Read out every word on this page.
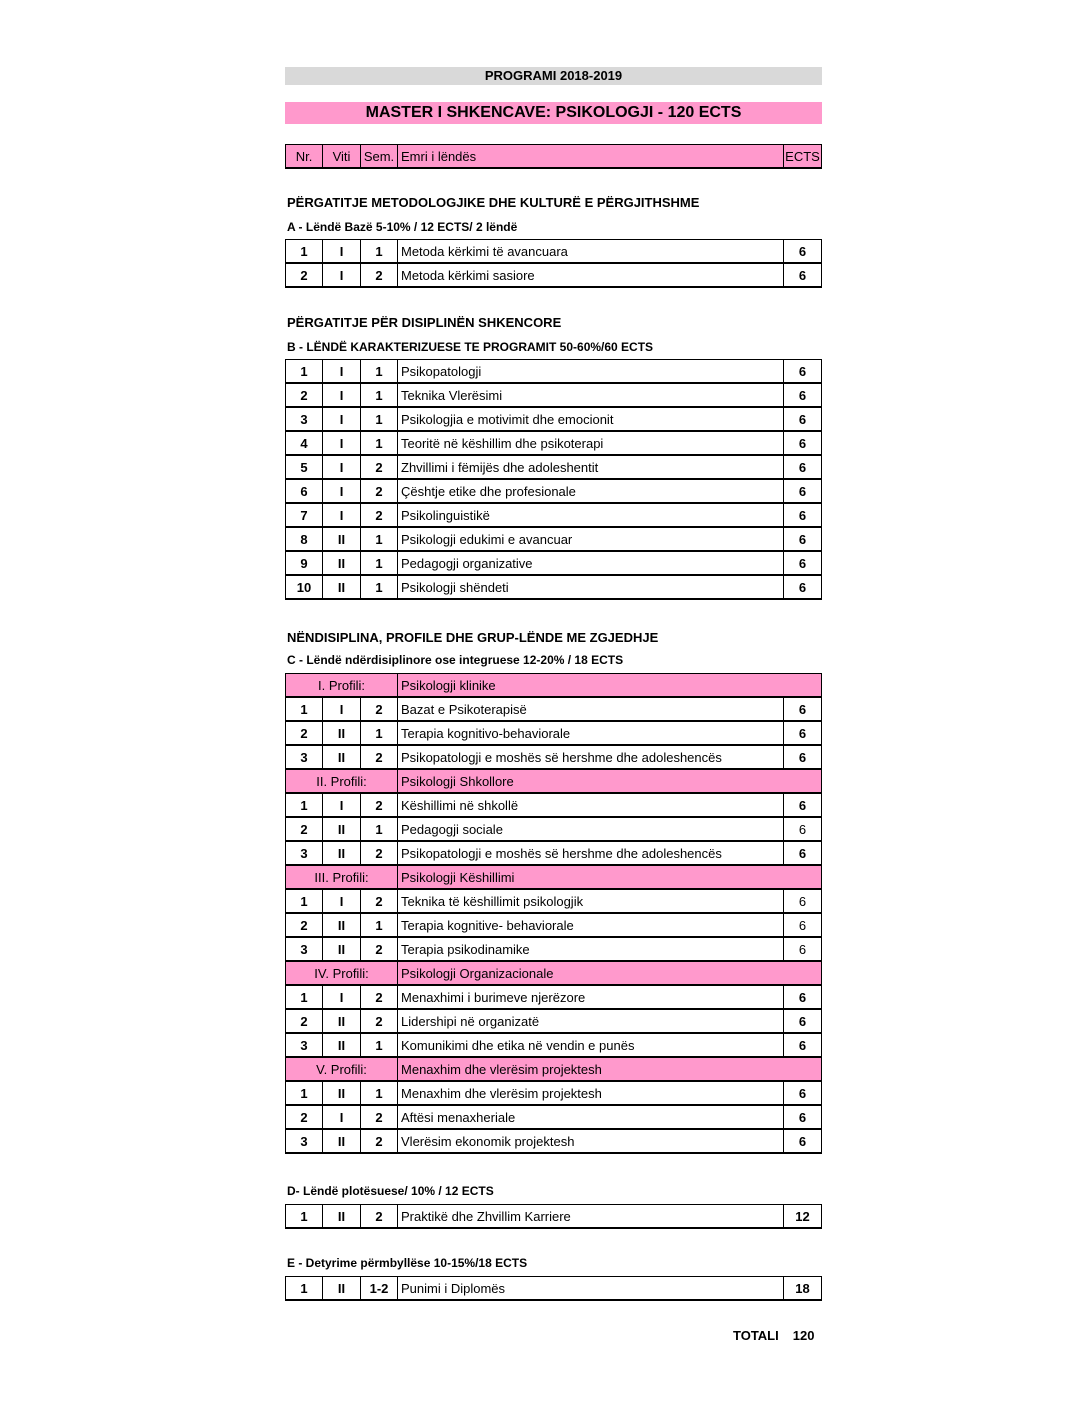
PROGRAMI 2018-2019
MASTER I SHKENCAVE: PSIKOLOGJI - 120 ECTS
Nr.	Viti	Sem.	Emri i lëndës	ECTS
PËRGATITJE METODOLOGJIKE DHE KULTURË E PËRGJITHSHME
A - Lëndë Bazë 5-10% / 12 ECTS/ 2 lëndë
1	I	1	Metoda kërkimi të avancuara	6
2	I	2	Metoda kërkimi sasiore	6
PËRGATITJE PËR DISIPLINËN SHKENCORE
B - LËNDË KARAKTERIZUESE TE PROGRAMIT 50-60%/60 ECTS
1	I	1	Psikopatologji	6
2	I	1	Teknika Vlerësimi	6
3	I	1	Psikologjia e motivimit dhe emocionit	6
4	I	1	Teoritë në këshillim dhe psikoterapi	6
5	I	2	Zhvillimi i fëmijës dhe adoleshentit	6
6	I	2	Çështje etike dhe profesionale	6
7	I	2	Psikolinguistikë	6
8	II	1	Psikologji edukimi e avancuar	6
9	II	1	Pedagogji organizative	6
10	II	1	Psikologji shëndeti	6
NËNDISIPLINA, PROFILE DHE GRUP-LËNDE ME ZGJEDHJE
C - Lëndë ndërdisiplinore ose integruese 12-20% / 18 ECTS
I. Profili:			Psikologji klinike	
1	I	2	Bazat e Psikoterapisë	6
2	II	1	Terapia kognitivo-behaviorale	6
3	II	2	Psikopatologji e moshës së hershme dhe adoleshencës	6
II. Profili:			Psikologji Shkollore	
1	I	2	Këshillimi në shkollë	6
2	II	1	Pedagogji sociale	6
3	II	2	Psikopatologji e moshës së hershme dhe adoleshencës	6
III. Profili:			Psikologji Këshillimi	
1	I	2	Teknika të këshillimit psikologjik	6
2	II	1	Terapia kognitive- behaviorale	6
3	II	2	Terapia psikodinamike	6
IV. Profili:			Psikologji Organizacionale	
1	I	2	Menaxhimi i burimeve njerëzore	6
2	II	2	Lidershipi në organizatë	6
3	II	1	Komunikimi dhe etika në vendin e punës	6
V. Profili:			Menaxhim dhe vlerësim projektesh	
1	II	1	Menaxhim dhe vlerësim projektesh	6
2	I	2	Aftësi menaxheriale	6
3	II	2	Vlerësim ekonomik projektesh	6
D- Lëndë plotësuese/ 10% / 12 ECTS
1	II	2	Praktikë dhe Zhvillim Karriere	12
E - Detyrime përmbyllëse 10-15%/18 ECTS
1	II	1-2	Punimi i Diplomës	18
TOTALI 120
